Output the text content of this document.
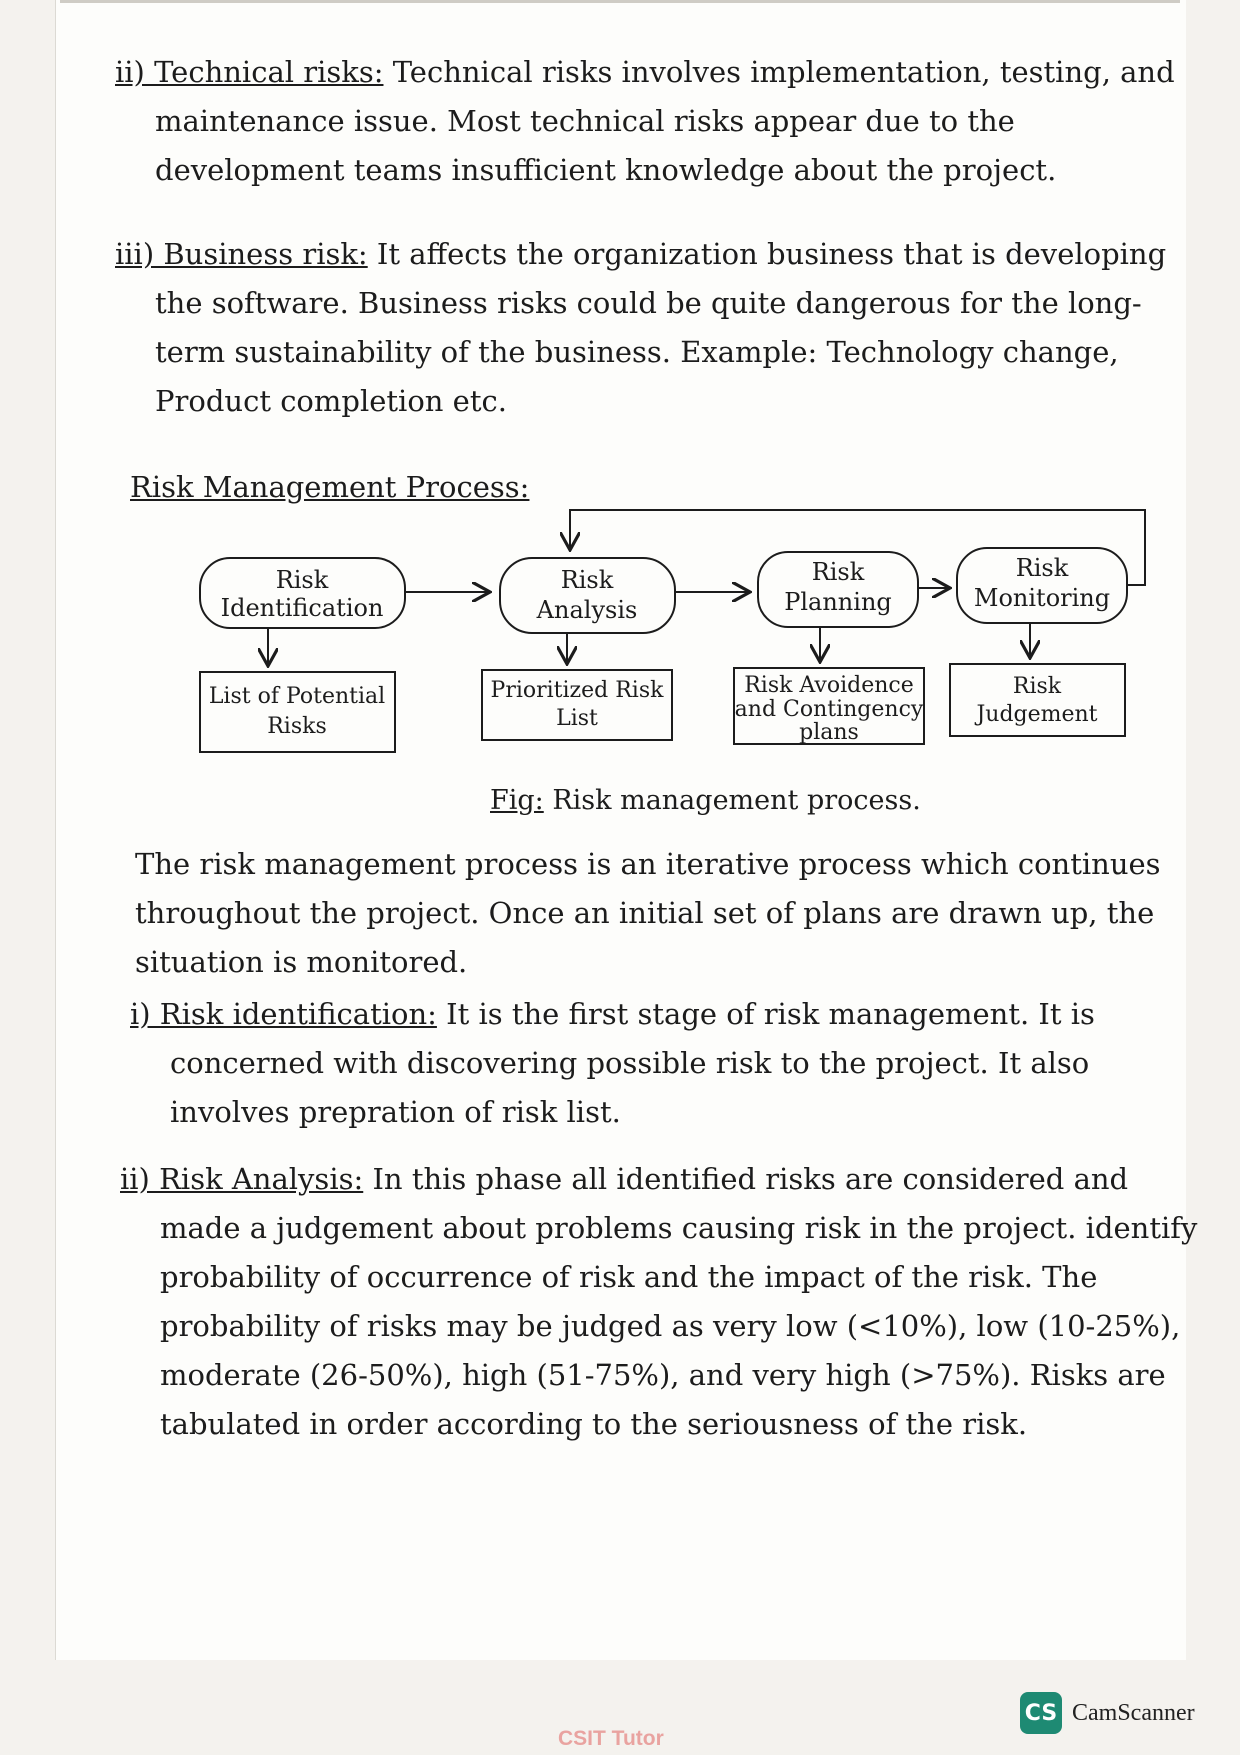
ii) Technical risks: Technical risks involves implementation, testing, and maintenance issue. Most technical risks appear due to the development teams insufficient knowledge about the project.

iii) Business risk: It affects the organization business that is developing the software. Business risks could be quite dangerous for the long-term sustainability of the business. Example: Technology change, Product completion etc.

Risk Management Process:

Risk
Identification
Risk
Analysis
Risk
Planning
Risk
Monitoring
List of Potential
Risks
Prioritized Risk
List
Risk Avoidence
and Contingency
plans
Risk
Judgement

Fig: Risk management process.

The risk management process is an iterative process which continues throughout the project. Once an initial set of plans are drawn up, the situation is monitored.

i) Risk identification: It is the first stage of risk management. It is concerned with discovering possible risk to the project. It also involves prepration of risk list.

ii) Risk Analysis: In this phase all identified risks are considered and made a judgement about problems causing risk in the project. identify probability of occurrence of risk and the impact of the risk. The probability of risks may be judged as very low (<10%), low (10-25%), moderate (26-50%), high (51-75%), and very high (>75%). Risks are tabulated in order according to the seriousness of the risk.

CS CamScanner
CSIT Tutor
